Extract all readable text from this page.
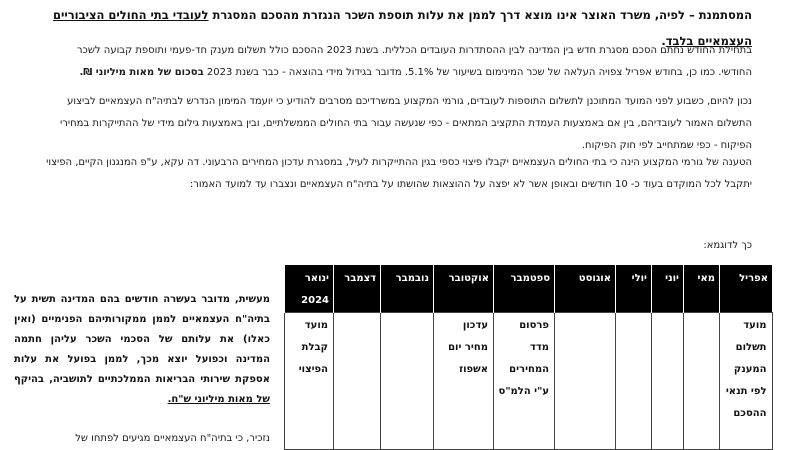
המסתמנת – לפיה, משרד האוצר אינו מוצא דרך לממן את עלות תוספת השכר הנגזרת מהסכם המסגרת לעובדי בתי החולים הציבוריים העצמאיים בלבד.
בתחילת החודש נחתם הסכם מסגרת חדש בין המדינה לבין ההסתדרות העובדים הכללית. בשנת 2023 ההסכם כולל תשלום מענק חד-פעמי ותוספת קבועה לשכר החודשי. כמו כן, בחודש אפריל צפויה העלאה של שכר המינימום בשיעור של 5.1%. מדובר בגידול מידי בהוצאה - כבר בשנת 2023 בסכום של מאות מיליוני ₪.
נכון להיום, כשבוע לפני המועד המתוכנן לתשלום התוספות לעובדים, גורמי המקצוע במשרדיכם מסרבים להודיע כי יועמד המימון הנדרש לבתיה"ח העצמאיים לביצוע התשלום האמור לעובדיהם, בין אם באמצעות העמדת התקציב המתאים - כפי שנעשה עבור בתי החולים הממשלתיים, ובין באמצעות גילום מידי של ההתייקרות במחירי הפיקוח - כפי שמתחייב לפי חוק הפיקוח.
הטענה של גורמי המקצוע הינה כי בתי החולים העצמאיים יקבלו פיצוי כספי בגין ההתייקרות לעיל, במסגרת עדכון המחירים הרבעוני. דה עקא, ע"פ המנגנון הקיים, הפיצוי יתקבל לכל המוקדם בעוד כ- 10 חודשים ובאופן אשר לא יפצה על ההוצאות שהושתו על בתיה"ח העצמאיים ונצברו עד למועד האמור:
כך לדוגמא:
אפריל	מאי	יוני	יולי	אוגוסט	ספטמבר	אוקטובר	נובמבר	דצמבר	ינואר 2024
מועד תשלום המענק לפי תנאי ההסכם					פרסום מדד המחירים ע"י הלמ"ס	עדכון מחיר יום אשפוז			מועד קבלת הפיצוי
מעשית, מדובר בעשרה חודשים בהם המדינה תשית על בתיה"ח העצמאיים לממן ממקורותיהם הפנימיים (ואין כאלו) את עלותם של הסכמי השכר עליהן חתמה המדינה וכפועל יוצא מכך, לממן בפועל את עלות אספקת שירותי הבריאות הממלכתיים לתושביה, בהיקף של מאות מיליוני ש"ח.
נזכיר, כי בתיה"ח העצמאיים מגיעים לפתחו של
